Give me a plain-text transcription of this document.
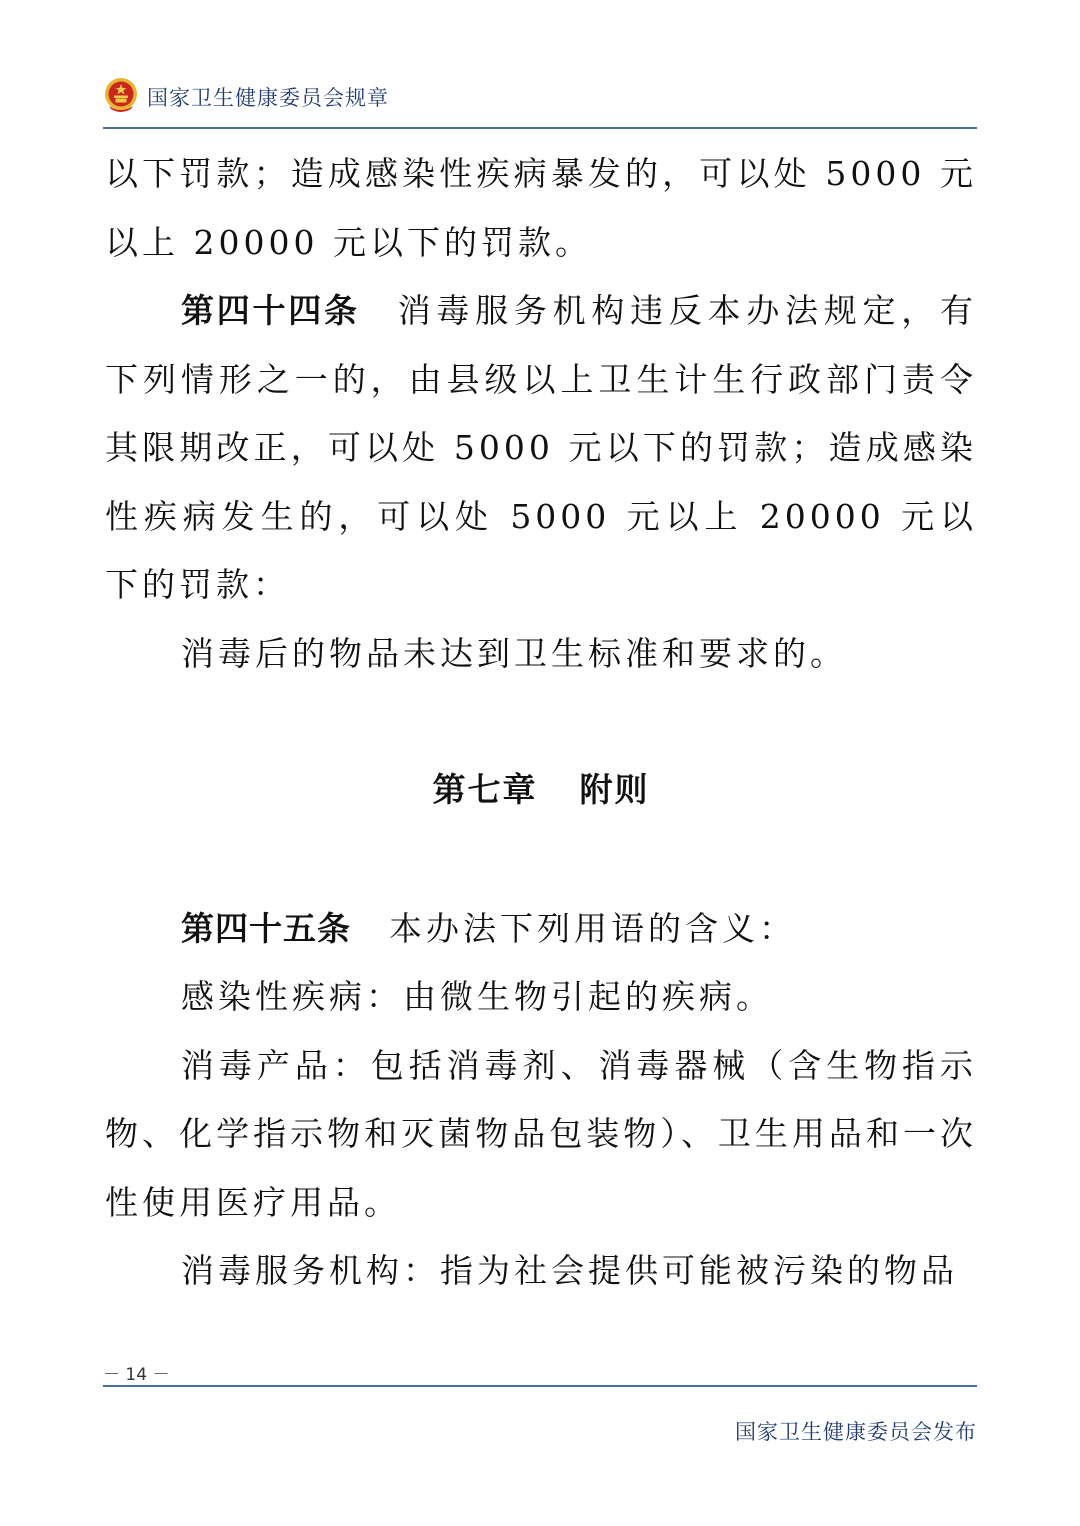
国家卫生健康委员会规章

以下罚款；造成感染性疾病暴发的，可以处 5000 元以上 20000 元以下的罚款。

第四十四条 消毒服务机构违反本办法规定，有下列情形之一的，由县级以上卫生计生行政部门责令其限期改正，可以处 5000 元以下的罚款；造成感染性疾病发生的，可以处 5000 元以上 20000 元以下的罚款：

消毒后的物品未达到卫生标准和要求的。

第七章 附则

第四十五条 本办法下列用语的含义：

感染性疾病：由微生物引起的疾病。

消毒产品：包括消毒剂、消毒器械（含生物指示物、化学指示物和灭菌物品包装物）、卫生用品和一次性使用医疗用品。

消毒服务机构：指为社会提供可能被污染的物品

－ 14 －
国家卫生健康委员会发布
